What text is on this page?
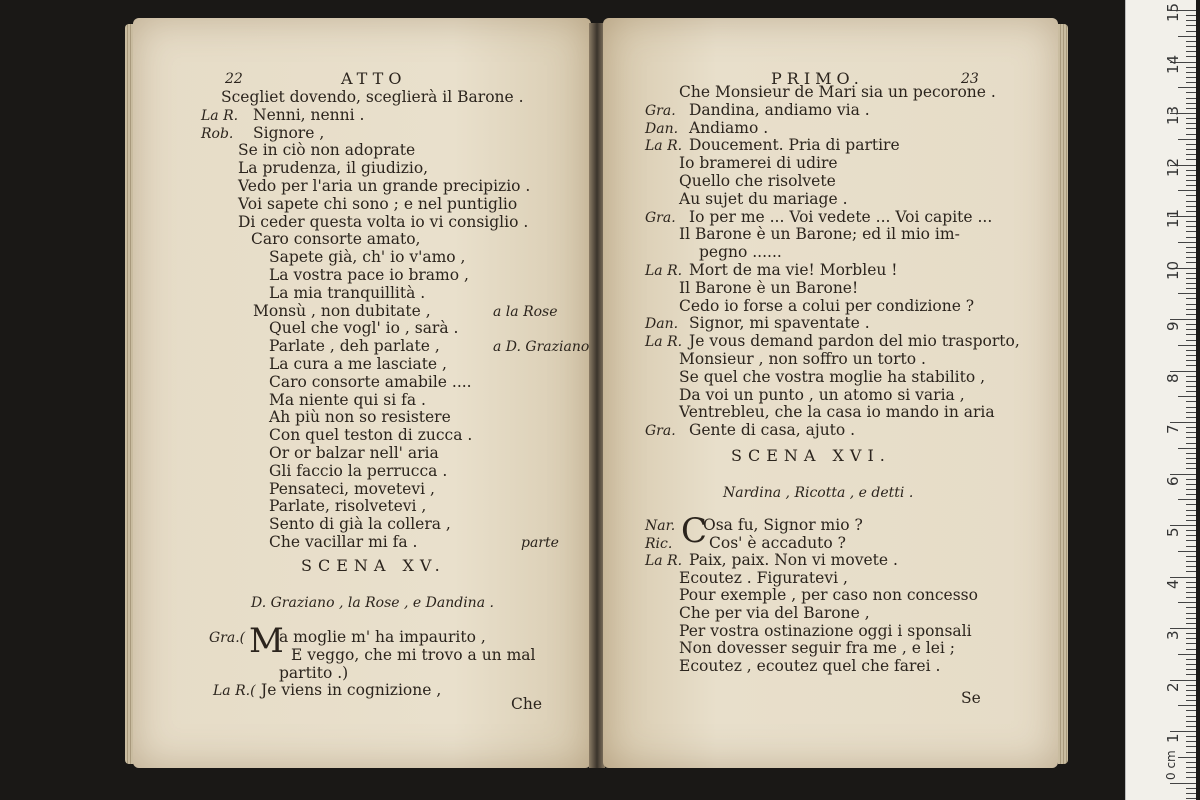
22	ATTO
Scegliet dovendo, sceglierà il Barone .
La R. Nenni, nenni .
Rob. Signore ,
Se in ciò non adoprate
La prudenza, il giudizio,
Vedo per l'aria un grande precipizio .
Voi sapete chi sono ; e nel puntiglio
Di ceder questa volta io vi consiglio .
Caro consorte amato,
Sapete già, ch' io v'amo ,
La vostra pace io bramo ,
La mia tranquillità .
Monsù , non dubitate ,	a la Rose
Quel che vogl' io , sarà .
Parlate , deh parlate ,	a D. Graziano
La cura a me lasciate ,
Caro consorte amabile ....
Ma niente qui si fa .
Ah più non so resistere
Con quel teston di zucca .
Or or balzar nell' aria
Gli faccio la perrucca .
Pensateci, movetevi ,
Parlate, risolvetevi ,
Sento di già la collera ,
Che vacillar mi fa .	parte
SCENA XV.
D. Graziano , la Rose , e Dandina .
Gra.( M
a moglie m' ha impaurito ,
E veggo, che mi trovo a un mal
partito .)
La R.( Je viens in cognizione ,
Che
PRIMO.	23
Che Monsieur de Mari sia un pecorone .
Gra. Dandina, andiamo via .
Dan. Andiamo .
La R. Doucement. Pria di partire
Io bramerei di udire
Quello che risolvete
Au sujet du mariage .
Gra. Io per me ... Voi vedete ... Voi capite ...
Il Barone è un Barone; ed il mio im-
pegno ......
La R. Mort de ma vie! Morbleu !
Il Barone è un Barone!
Cedo io forse a colui per condizione ?
Dan. Signor, mi spaventate .
La R. Je vous demand pardon del mio trasporto,
Monsieur , non soffro un torto .
Se quel che vostra moglie ha stabilito ,
Da voi un punto , un atomo si varia ,
Ventrebleu, che la casa io mando in aria
Gra. Gente di casa, ajuto .
SCENA XVI.
Nardina , Ricotta , e detti .
C
Nar. Osa fu, Signor mio ?
Ric. Cos' è accaduto ?
La R. Paix, paix. Non vi movete .
Ecoutez . Figuratevi ,
Pour exemple , per caso non concesso
Che per via del Barone ,
Per vostra ostinazione oggi i sponsali
Non dovesser seguir fra me , e lei ;
Ecoutez , ecoutez quel che farei .
Se
0 cm
15
14
13
12
11
10
9
8
7
6
5
4
3
2
1
